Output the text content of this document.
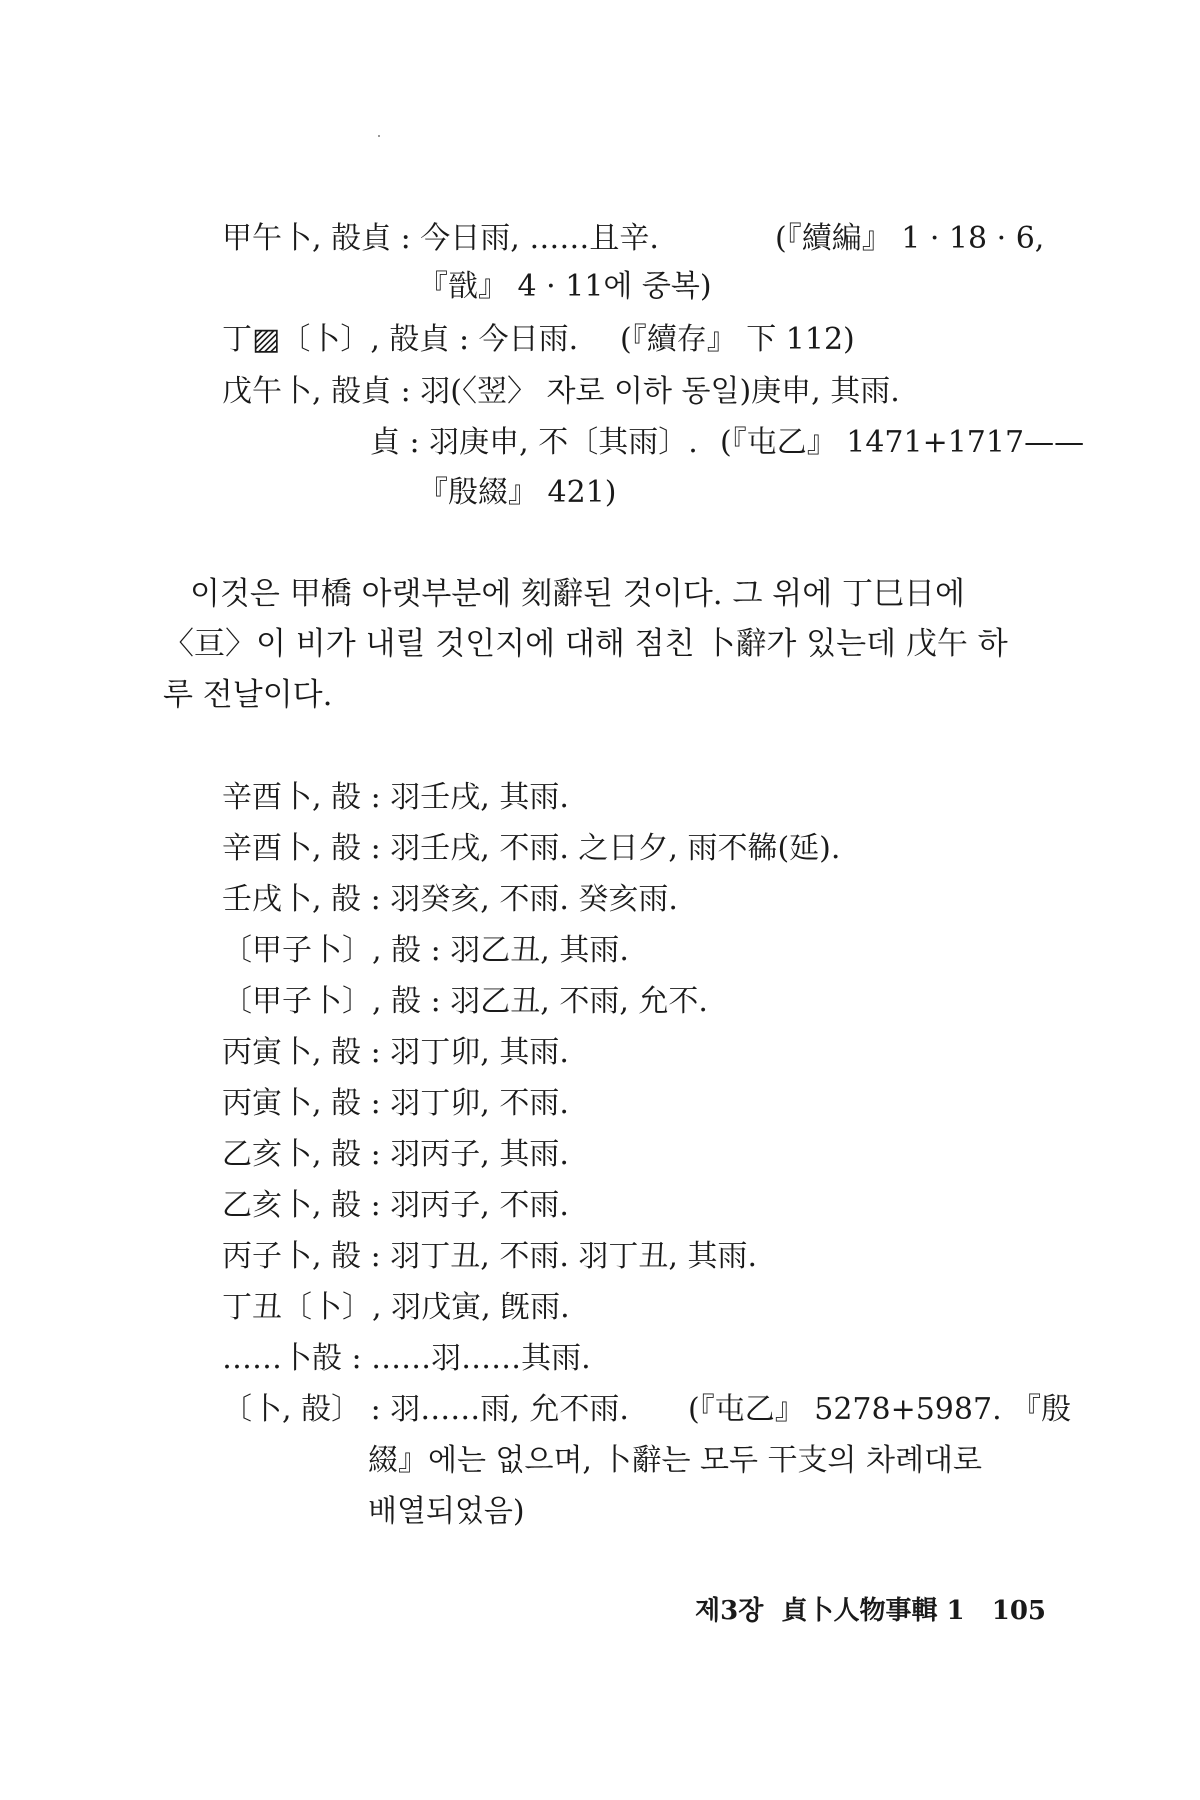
甲午卜, 㱿貞 : 今日雨, ……且辛.	(『續編』 1 · 18 · 6,
『戩』 4 · 11에 중복)
丁▨〔卜〕, 㱿貞 : 今日雨. (『續存』 下 112)
戊午卜, 㱿貞 : 羽(〈翌〉 자로 이하 동일)庚申, 其雨.
貞 : 羽庚申, 不〔其雨〕. (『屯乙』 1471+1717——
『殷綴』 421)
이것은 甲橋 아랫부분에 刻辭된 것이다. 그 위에 丁巳日에
〈亘〉이 비가 내릴 것인지에 대해 점친 卜辭가 있는데 戊午 하
루 전날이다.
辛酉卜, 㱿 : 羽壬戌, 其雨.
辛酉卜, 㱿 : 羽壬戌, 不雨. 之日夕, 雨不㣈(延).
壬戌卜, 㱿 : 羽癸亥, 不雨. 癸亥雨.
〔甲子卜〕, 㱿 : 羽乙丑, 其雨.
〔甲子卜〕, 㱿 : 羽乙丑, 不雨, 允不.
丙寅卜, 㱿 : 羽丁卯, 其雨.
丙寅卜, 㱿 : 羽丁卯, 不雨.
乙亥卜, 㱿 : 羽丙子, 其雨.
乙亥卜, 㱿 : 羽丙子, 不雨.
丙子卜, 㱿 : 羽丁丑, 不雨. 羽丁丑, 其雨.
丁丑〔卜〕, 羽戊寅, 旣雨.
……卜㱿 : ……羽……其雨.
〔卜, 㱿〕 : 羽……雨, 允不雨. (『屯乙』 5278+5987. 『殷
綴』에는 없으며, 卜辭는 모두 干支의 차례대로
배열되었음)
제3장 貞卜人物事輯 1 105
